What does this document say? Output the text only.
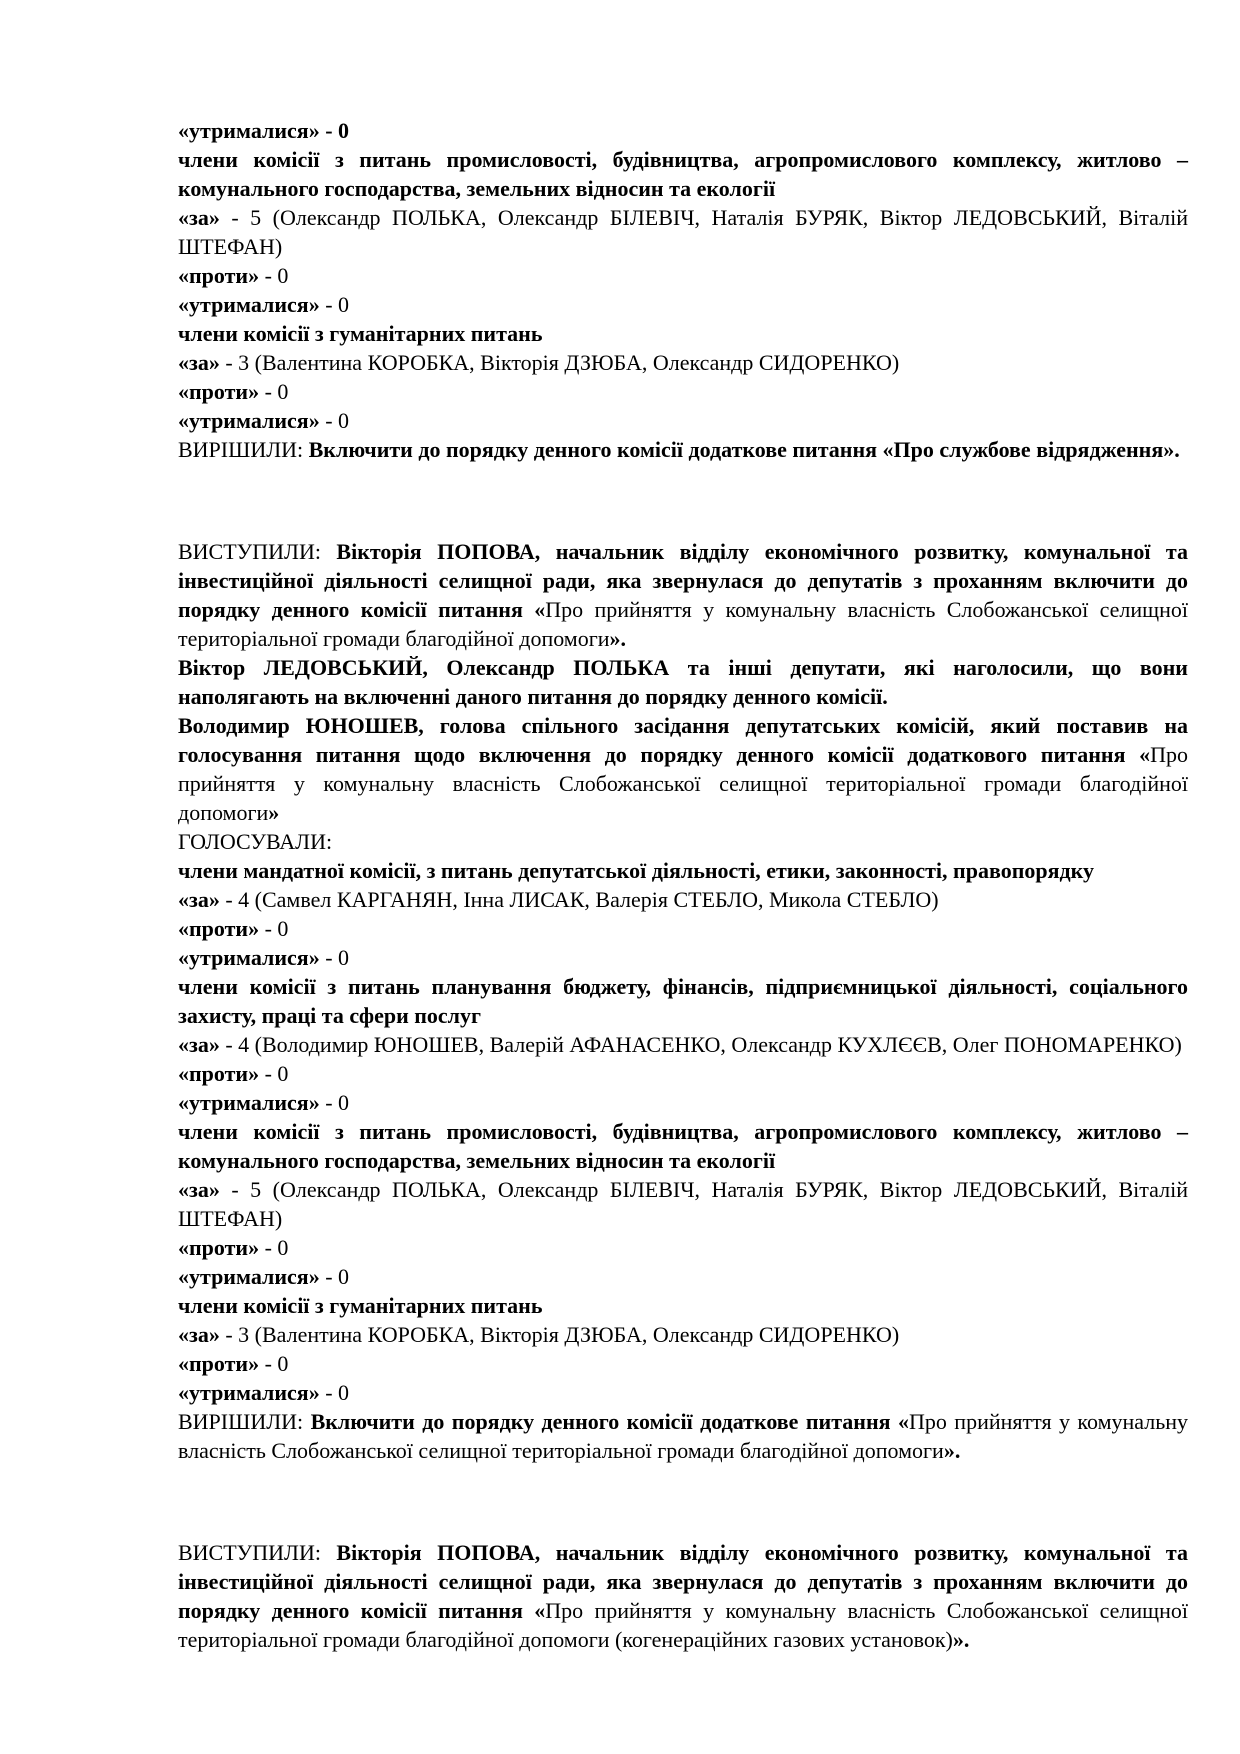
«утрималися» - 0

члени комісії з питань промисловості, будівництва, агропромислового комплексу, житлово – комунального господарства, земельних відносин та екології

«за» - 5 (Олександр ПОЛЬКА, Олександр БІЛЕВІЧ, Наталія БУРЯК, Віктор ЛЕДОВСЬКИЙ, Віталій ШТЕФАН)

«проти» - 0

«утрималися» - 0

члени комісії з гуманітарних питань

«за» - 3 (Валентина КОРОБКА, Вікторія ДЗЮБА, Олександр СИДОРЕНКО)

«проти» - 0

«утрималися» - 0

ВИРІШИЛИ: Включити до порядку денного комісії додаткове питання «Про службове відрядження».

ВИСТУПИЛИ: Вікторія ПОПОВА, начальник відділу економічного розвитку, комунальної та інвестиційної діяльності селищної ради, яка звернулася до депутатів з проханням включити до порядку денного комісії питання «Про прийняття у комунальну власність Слобожанської селищної територіальної громади благодійної допомоги».

Віктор ЛЕДОВСЬКИЙ, Олександр ПОЛЬКА та інші депутати, які наголосили, що вони наполягають на включенні даного питання до порядку денного комісії.

Володимир ЮНОШЕВ, голова спільного засідання депутатських комісій, який поставив на голосування питання щодо включення до порядку денного комісії додаткового питання «Про прийняття у комунальну власність Слобожанської селищної територіальної громади благодійної допомоги»

ГОЛОСУВАЛИ:

члени мандатної комісії, з питань депутатської діяльності, етики, законності, правопорядку

«за» - 4 (Самвел КАРГАНЯН, Інна ЛИСАК, Валерія СТЕБЛО, Микола СТЕБЛО)

«проти» - 0

«утрималися» - 0

члени комісії з питань планування бюджету, фінансів, підприємницької діяльності, соціального захисту, праці та сфери послуг

«за» - 4 (Володимир ЮНОШЕВ, Валерій АФАНАСЕНКО, Олександр КУХЛЄЄВ, Олег ПОНОМАРЕНКО)

«проти» - 0

«утрималися» - 0

члени комісії з питань промисловості, будівництва, агропромислового комплексу, житлово – комунального господарства, земельних відносин та екології

«за» - 5 (Олександр ПОЛЬКА, Олександр БІЛЕВІЧ, Наталія БУРЯК, Віктор ЛЕДОВСЬКИЙ, Віталій ШТЕФАН)

«проти» - 0

«утрималися» - 0

члени комісії з гуманітарних питань

«за» - 3 (Валентина КОРОБКА, Вікторія ДЗЮБА, Олександр СИДОРЕНКО)

«проти» - 0

«утрималися» - 0

ВИРІШИЛИ: Включити до порядку денного комісії додаткове питання «Про прийняття у комунальну власність Слобожанської селищної територіальної громади благодійної допомоги».

ВИСТУПИЛИ: Вікторія ПОПОВА, начальник відділу економічного розвитку, комунальної та інвестиційної діяльності селищної ради, яка звернулася до депутатів з проханням включити до порядку денного комісії питання «Про прийняття у комунальну власність Слобожанської селищної територіальної громади благодійної допомоги (когенераційних газових установок)».
